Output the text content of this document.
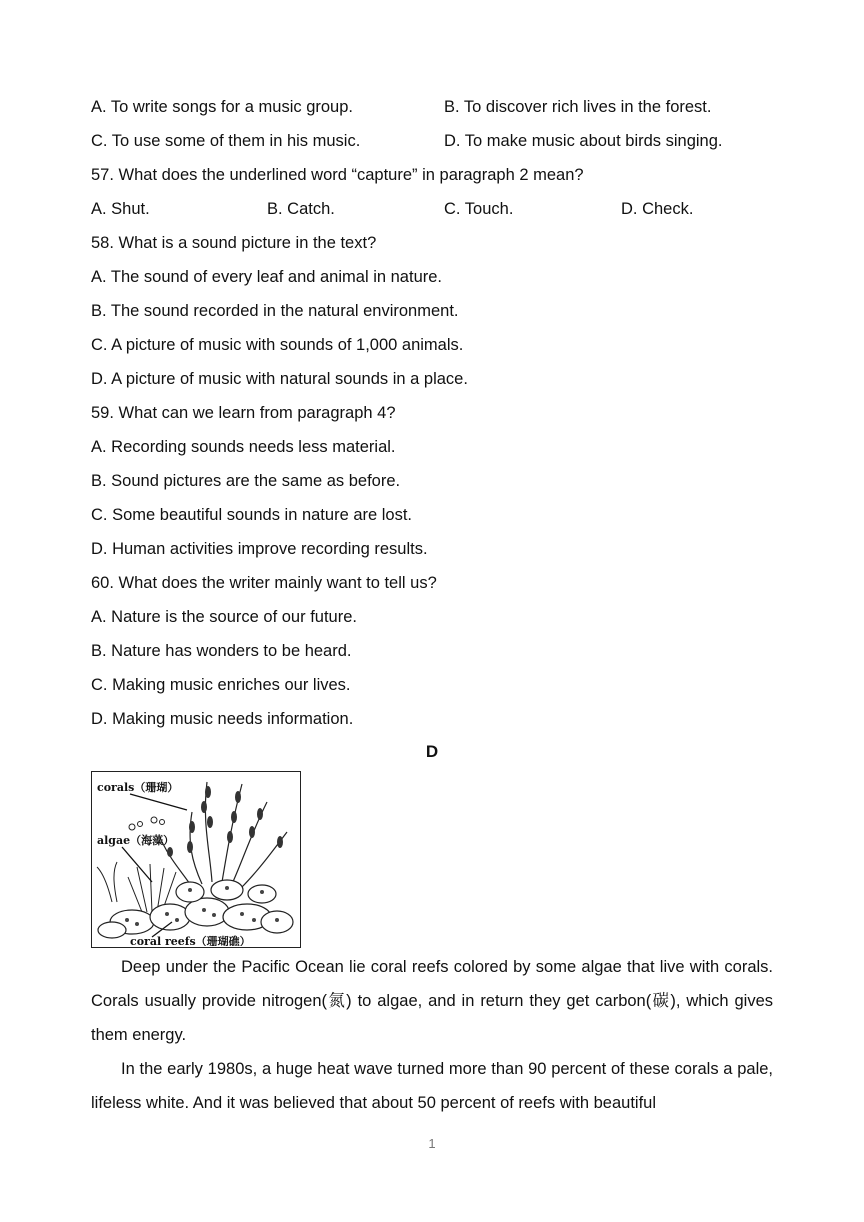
A. To write songs for a music group.	B. To discover rich lives in the forest.
C. To use some of them in his music.	D. To make music about birds singing.
57. What does the underlined word “capture” in paragraph 2 mean?
A. Shut.	B. Catch.	C. Touch.	D. Check.
58. What is a sound picture in the text?
A. The sound of every leaf and animal in nature.
B. The sound recorded in the natural environment.
C. A picture of music with sounds of 1,000 animals.
D. A picture of music with natural sounds in a place.
59. What can we learn from paragraph 4?
A. Recording sounds needs less material.
B. Sound pictures are the same as before.
C. Some beautiful sounds in nature are lost.
D. Human activities improve recording results.
60. What does the writer mainly want to tell us?
A. Nature is the source of our future.
B. Nature has wonders to be heard.
C. Making music enriches our lives.
D. Making music needs information.
D
corals（珊瑚）
algae（海藻）
coral reefs（珊瑚礁）
Deep under the Pacific Ocean lie coral reefs colored by some algae that live with corals. Corals usually provide nitrogen(氮) to algae, and in return they get carbon(碳), which gives them energy.
In the early 1980s, a huge heat wave turned more than 90 percent of these corals a pale, lifeless white. And it was believed that about 50 percent of reefs with beautiful
1
